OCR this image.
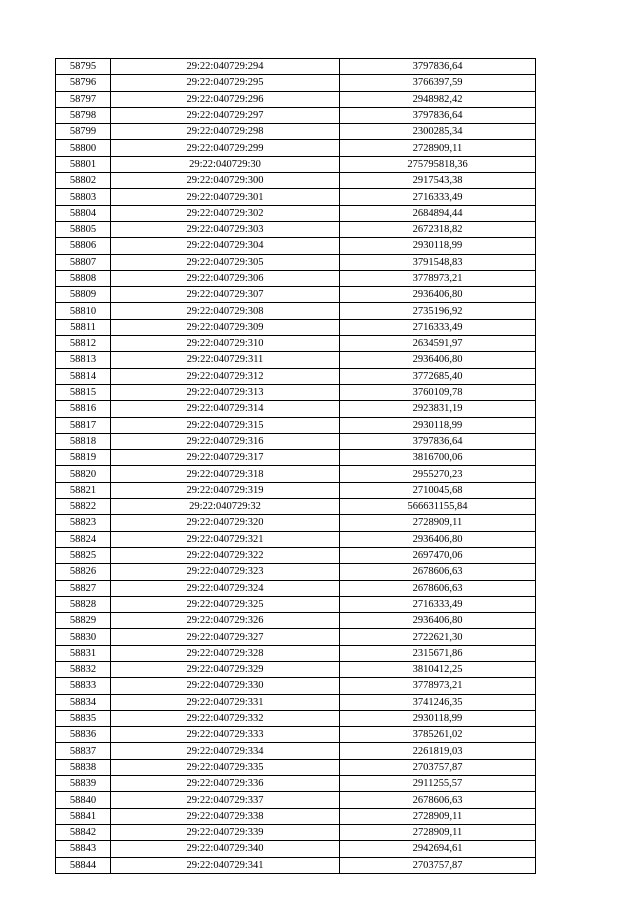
58795	29:22:040729:294	3797836,64
58796	29:22:040729:295	3766397,59
58797	29:22:040729:296	2948982,42
58798	29:22:040729:297	3797836,64
58799	29:22:040729:298	2300285,34
58800	29:22:040729:299	2728909,11
58801	29:22:040729:30	275795818,36
58802	29:22:040729:300	2917543,38
58803	29:22:040729:301	2716333,49
58804	29:22:040729:302	2684894,44
58805	29:22:040729:303	2672318,82
58806	29:22:040729:304	2930118,99
58807	29:22:040729:305	3791548,83
58808	29:22:040729:306	3778973,21
58809	29:22:040729:307	2936406,80
58810	29:22:040729:308	2735196,92
58811	29:22:040729:309	2716333,49
58812	29:22:040729:310	2634591,97
58813	29:22:040729:311	2936406,80
58814	29:22:040729:312	3772685,40
58815	29:22:040729:313	3760109,78
58816	29:22:040729:314	2923831,19
58817	29:22:040729:315	2930118,99
58818	29:22:040729:316	3797836,64
58819	29:22:040729:317	3816700,06
58820	29:22:040729:318	2955270,23
58821	29:22:040729:319	2710045,68
58822	29:22:040729:32	566631155,84
58823	29:22:040729:320	2728909,11
58824	29:22:040729:321	2936406,80
58825	29:22:040729:322	2697470,06
58826	29:22:040729:323	2678606,63
58827	29:22:040729:324	2678606,63
58828	29:22:040729:325	2716333,49
58829	29:22:040729:326	2936406,80
58830	29:22:040729:327	2722621,30
58831	29:22:040729:328	2315671,86
58832	29:22:040729:329	3810412,25
58833	29:22:040729:330	3778973,21
58834	29:22:040729:331	3741246,35
58835	29:22:040729:332	2930118,99
58836	29:22:040729:333	3785261,02
58837	29:22:040729:334	2261819,03
58838	29:22:040729:335	2703757,87
58839	29:22:040729:336	2911255,57
58840	29:22:040729:337	2678606,63
58841	29:22:040729:338	2728909,11
58842	29:22:040729:339	2728909,11
58843	29:22:040729:340	2942694,61
58844	29:22:040729:341	2703757,87
